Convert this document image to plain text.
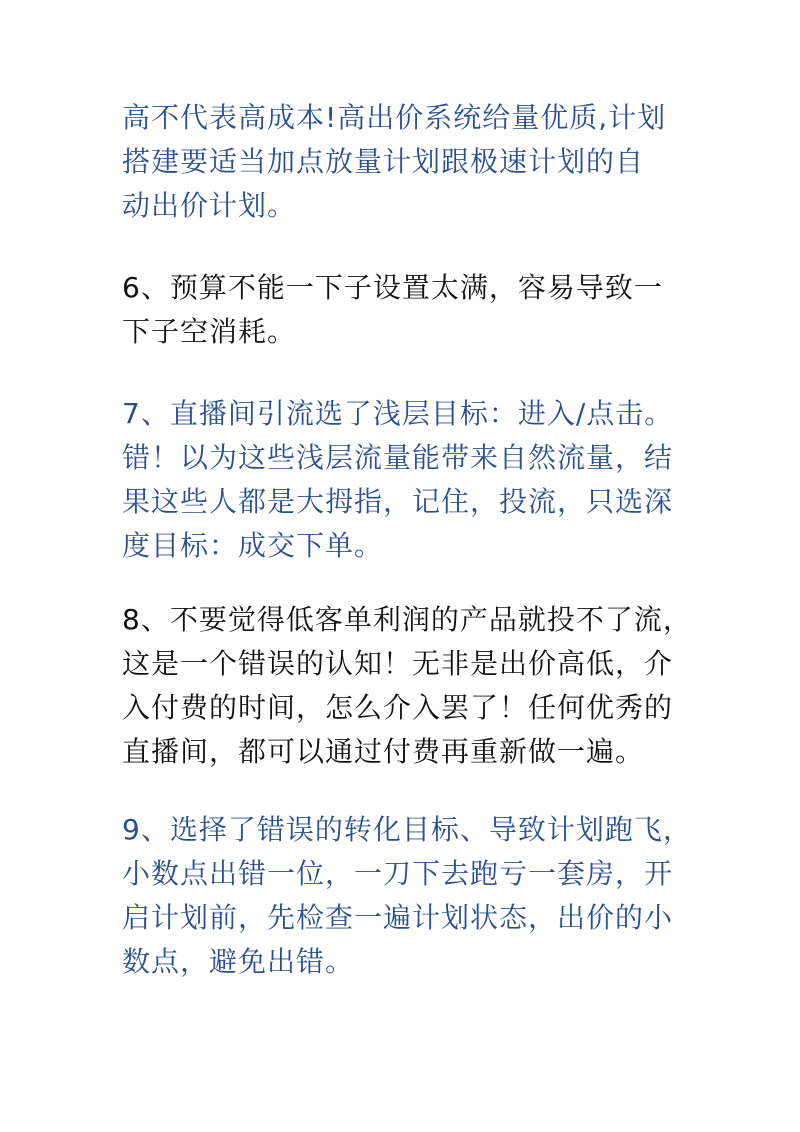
高不代表高成本!高出价系统给量优质,计划
搭建要适当加点放量计划跟极速计划的自
动出价计划。

6、预算不能一下子设置太满，容易导致一
下子空消耗。

7、直播间引流选了浅层目标：进入/点击。
错！以为这些浅层流量能带来自然流量，结
果这些人都是大拇指，记住，投流，只选深
度目标：成交下单。

8、不要觉得低客单利润的产品就投不了流，
这是一个错误的认知！无非是出价高低，介
入付费的时间，怎么介入罢了！任何优秀的
直播间，都可以通过付费再重新做一遍。

9、选择了错误的转化目标、导致计划跑飞，
小数点出错一位，一刀下去跑亏一套房，开
启计划前，先检查一遍计划状态，出价的小
数点，避免出错。
